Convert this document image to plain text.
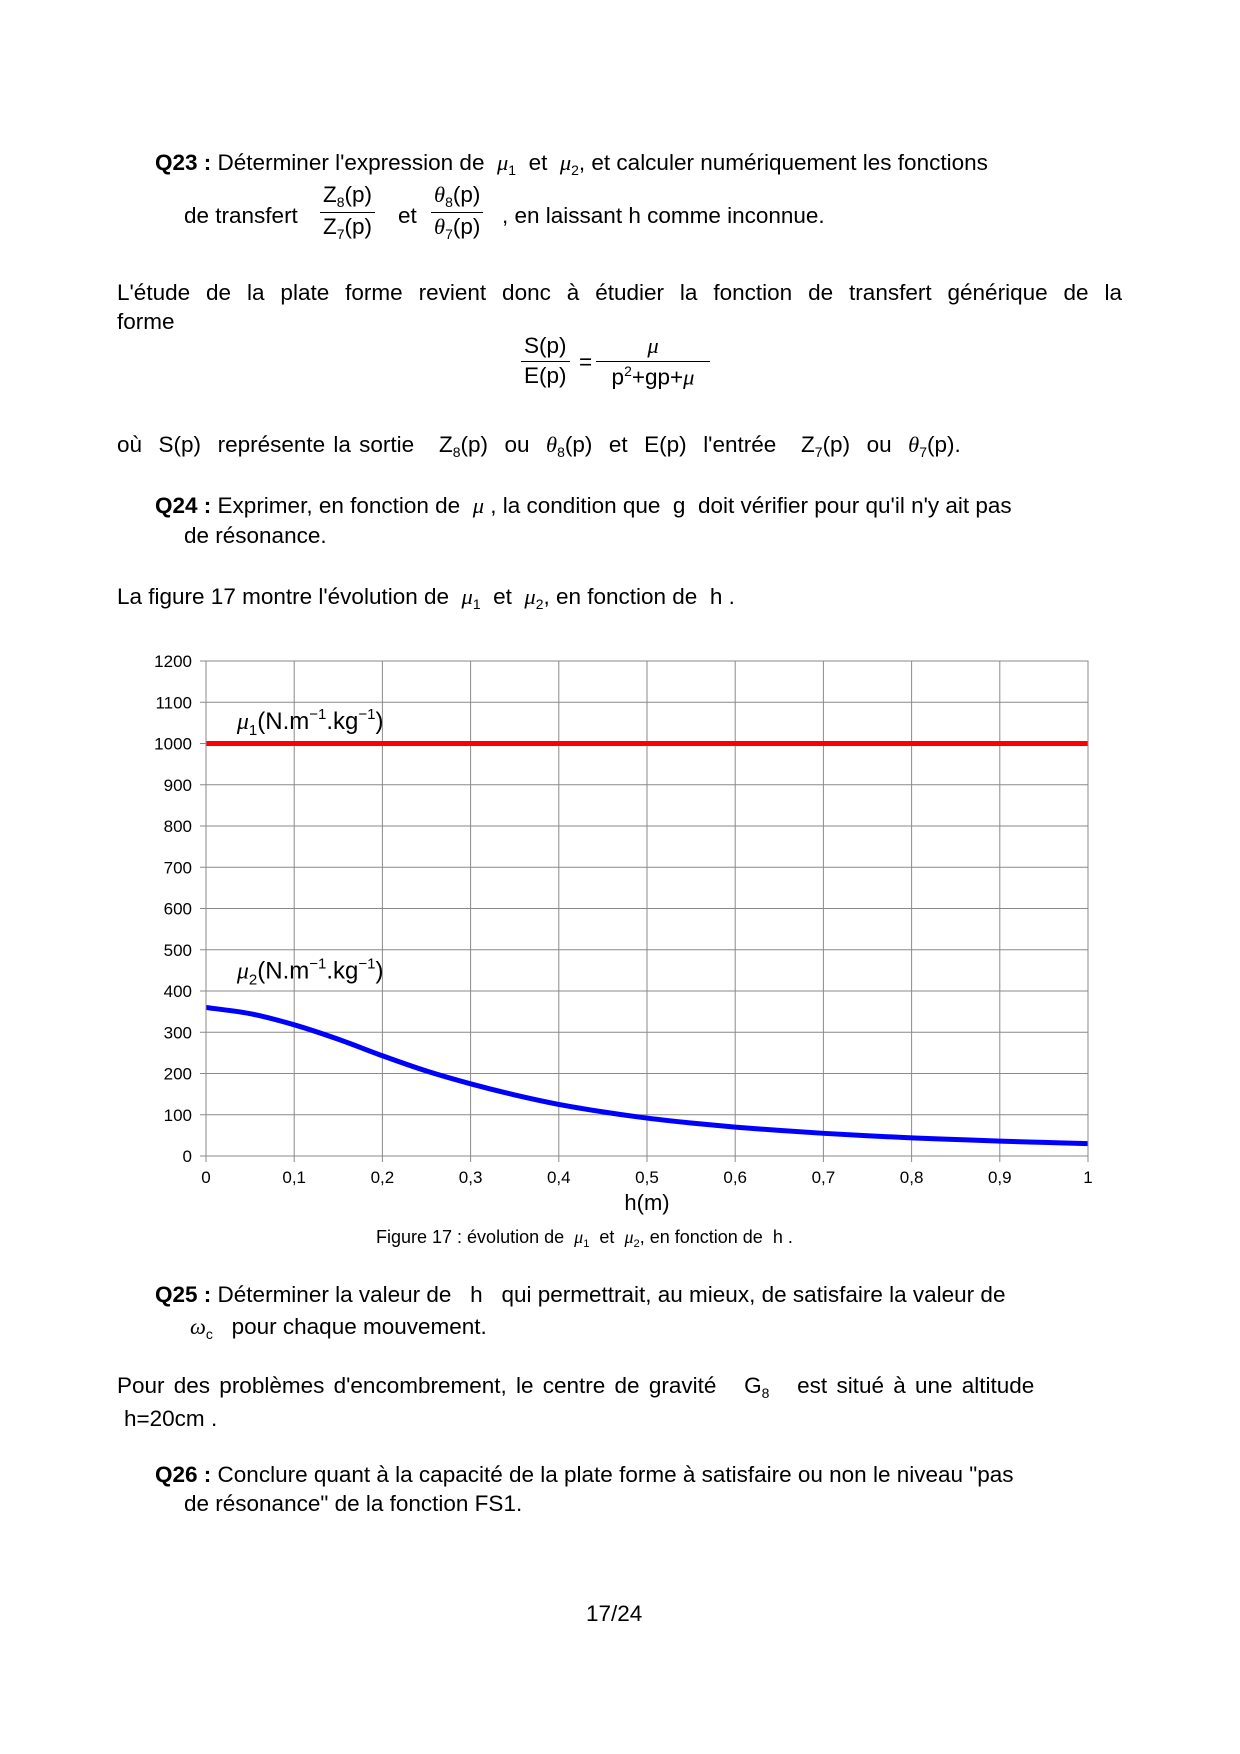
Q23 : Déterminer l'expression de $\mu_1$ et $\mu_2$, et calculer numériquement les fonctions
de transfert $\frac{Z_8(p)}{Z_7(p)}$ et $\frac{\theta_8(p)}{\theta_7(p)}$ , en laissant h comme inconnue.
L'étude de la plate forme revient donc à étudier la fonction de transfert générique de la
forme
$\frac{S(p)}{E(p)} = \frac{\mu}{p^2+gp+\mu}$
où S(p) représente la sortie $Z_8(p)$ ou $\theta_8(p)$ et E(p) l'entrée $Z_7(p)$ ou $\theta_7(p)$.
Q24 : Exprimer, en fonction de μ , la condition que g doit vérifier pour qu'il n'y ait pas
de résonance.
La figure 17 montre l'évolution de $\mu_1$ et $\mu_2$, en fonction de h .
0
100
200
300
400
500
600
700
800
900
1000
1100
1200
0	0,1	0,2	0,3	0,4	0,5	0,6	0,7	0,8	0,9	1
h(m)
$\mu_1(N.m^{-1}.kg^{-1})$
$\mu_2(N.m^{-1}.kg^{-1})$
Figure 17 : évolution de $\mu_1$ et $\mu_2$, en fonction de h .
Q25 : Déterminer la valeur de h qui permettrait, au mieux, de satisfaire la valeur de
$\omega_c$ pour chaque mouvement.
Pour des problèmes d'encombrement, le centre de gravité $G_8$ est situé à une altitude
h=20cm .
Q26 : Conclure quant à la capacité de la plate forme à satisfaire ou non le niveau "pas
de résonance" de la fonction FS1.
17/24
